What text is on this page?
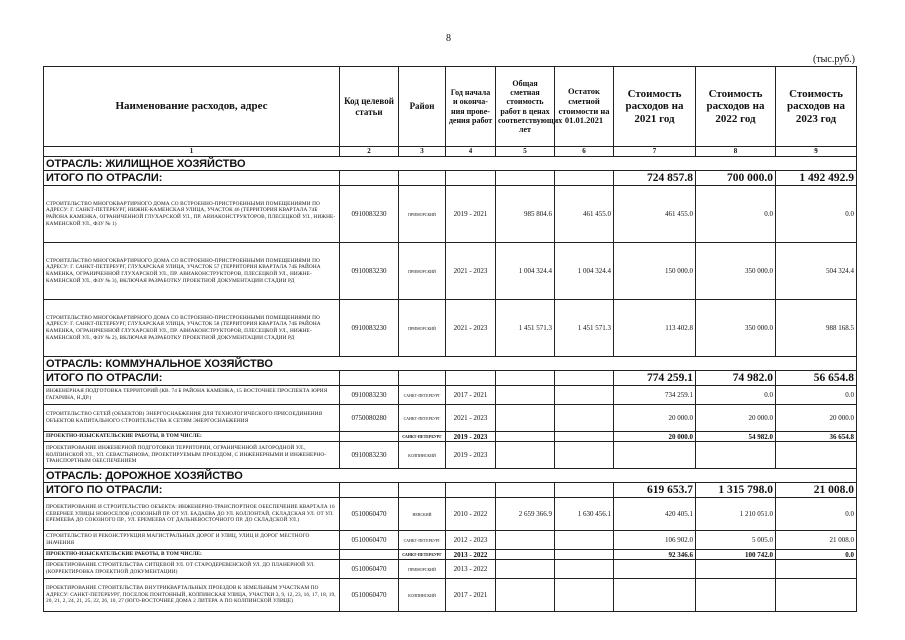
8
(тыс.руб.)
Наименование расходов, адрес	Код целевой статьи	Район	Год начала и оконча-ния прове-дения работ	Общая сметная стоимость работ в ценах соответствующих лет	Остаток сметной стоимости на 01.01.2021	Стоимость расходов на 2021 год	Стоимость расходов на 2022 год	Стоимость расходов на 2023 год
1	2	3	4	5	6	7	8	9
ОТРАСЛЬ: ЖИЛИЩНОЕ ХОЗЯЙСТВО								
ИТОГО ПО ОТРАСЛИ:						724 857.8	700 000.0	1 492 492.9
СТРОИТЕЛЬСТВО МНОГОКВАРТИРНОГО ДОМА СО ВСТРОЕННО-ПРИСТРОЕННЫМИ ПОМЕЩЕНИЯМИ ПО АДРЕСУ: Г. САНКТ-ПЕТЕРБУРГ, НИЖНЕ-КАМЕНСКАЯ УЛИЦА, УЧАСТОК 46 (ТЕРРИТОРИЯ КВАРТАЛА 74Б РАЙОНА КАМЕНКА, ОГРАНИЧЕННОЙ ГЛУХАРСКОЙ УЛ., ПР. АВИАКОНСТРУКТОРОВ, ПЛЕСЕЦКОЙ УЛ., НИЖНЕ-КАМЕНСКОЙ УЛ., ФЗУ № 1)	0910083230	ПРИМОРСКИЙ	2019 - 2021	985 804.6	461 455.0	461 455.0	0.0	0.0
СТРОИТЕЛЬСТВО МНОГОКВАРТИРНОГО ДОМА СО ВСТРОЕННО-ПРИСТРОЕННЫМИ ПОМЕЩЕНИЯМИ ПО АДРЕСУ: Г. САНКТ-ПЕТЕРБУРГ, ГЛУХАРСКАЯ УЛИЦА, УЧАСТОК 57 (ТЕРРИТОРИЯ КВАРТАЛА 74Б РАЙОНА КАМЕНКА, ОГРАНИЧЕННОЙ ГЛУХАРСКОЙ УЛ., ПР. АВИАКОНСТРУКТОРОВ, ПЛЕСЕЦКОЙ УЛ., НИЖНЕ-КАМЕНСКОЙ УЛ., ФЗУ № 3), ВКЛЮЧАЯ РАЗРАБОТКУ ПРОЕКТНОЙ ДОКУМЕНТАЦИИ СТАДИИ РД	0910083230	ПРИМОРСКИЙ	2021 - 2023	1 004 324.4	1 004 324.4	150 000.0	350 000.0	504 324.4
СТРОИТЕЛЬСТВО МНОГОКВАРТИРНОГО ДОМА СО ВСТРОЕННО-ПРИСТРОЕННЫМИ ПОМЕЩЕНИЯМИ ПО АДРЕСУ: Г. САНКТ-ПЕТЕРБУРГ, ГЛУХАРСКАЯ УЛИЦА, УЧАСТОК 58 (ТЕРРИТОРИЯ КВАРТАЛА 74Б РАЙОНА КАМЕНКА, ОГРАНИЧЕННОЙ ГЛУХАРСКОЙ УЛ., ПР. АВИАКОНСТРУКТОРОВ, ПЛЕСЕЦКОЙ УЛ., НИЖНЕ-КАМЕНСКОЙ УЛ., ФЗУ № 2), ВКЛЮЧАЯ РАЗРАБОТКУ ПРОЕКТНОЙ ДОКУМЕНТАЦИИ СТАДИИ РД	0910083230	ПРИМОРСКИЙ	2021 - 2023	1 451 571.3	1 451 571.3	113 402.8	350 000.0	988 168.5
ОТРАСЛЬ: КОММУНАЛЬНОЕ ХОЗЯЙСТВО								
ИТОГО ПО ОТРАСЛИ:						774 259.1	74 982.0	56 654.8
ИНЖЕНЕРНАЯ ПОДГОТОВКА ТЕРРИТОРИЙ (КВ. 74 Б РАЙОНА КАМЕНКА, 15 ВОСТОЧНЕЕ ПРОСПЕКТА ЮРИЯ ГАГАРИНА, Н.ДР.)	0910083230	САНКТ-ПЕТЕРБУРГ	2017 - 2021			734 259.1	0.0	0.0
СТРОИТЕЛЬСТВО СЕТЕЙ (ОБЪЕКТОВ) ЭНЕРГОСНАБЖЕНИЯ ДЛЯ ТЕХНОЛОГИЧЕСКОГО ПРИСОЕДИНЕНИЯ ОБЪЕКТОВ КАПИТАЛЬНОГО СТРОИТЕЛЬСТВА К СЕТЯМ ЭНЕРГОСНАБЖЕНИЯ	0750080280	САНКТ-ПЕТЕРБУРГ	2021 - 2023			20 000.0	20 000.0	20 000.0
ПРОЕКТНО-ИЗЫСКАТЕЛЬСКИЕ РАБОТЫ, В ТОМ ЧИСЛЕ:		САНКТ-ПЕТЕРБУРГ	2019 - 2023			20 000.0	54 982.0	36 654.8
ПРОЕКТИРОВАНИЕ ИНЖЕНЕРНОЙ ПОДГОТОВКИ ТЕРРИТОРИИ, ОГРАНИЧЕННОЙ ЗАГОРОДНОЙ УЛ., КОЛПИНСКОЙ УЛ., УЛ. СЕВАСТЬЯНОВА, ПРОЕКТИРУЕМЫМ ПРОЕЗДОМ, С ИНЖЕНЕРНЫМИ И ИНЖЕНЕРНО-ТРАНСПОРТНЫМ ОБЕСПЕЧЕНИЕМ	0910083230	КОЛПИНСКИЙ	2019 - 2023					
ОТРАСЛЬ: ДОРОЖНОЕ ХОЗЯЙСТВО								
ИТОГО ПО ОТРАСЛИ:						619 653.7	1 315 798.0	21 008.0
ПРОЕКТИРОВАНИЕ И СТРОИТЕЛЬСТВО ОБЪЕКТА: ИНЖЕНЕРНО-ТРАНСПОРТНОЕ ОБЕСПЕЧЕНИЕ КВАРТАЛА 16 СЕВЕРНЕЕ УЛИЦЫ НОВОСЕЛОВ (СОЮЗНЫЙ ПР. ОТ УЛ. БАДАЕВА ДО УЛ. КОЛЛОНТАЙ, СКЛАДСКАЯ УЛ. ОТ УЛ. ЕРЕМЕЕВА ДО СОЮЗНОГО ПР., УЛ. ЕРЕМЕЕВА ОТ ДАЛЬНЕВОСТОЧНОГО ПР. ДО СКЛАДСКОЙ УЛ.)	0510060470	НЕВСКИЙ	2010 - 2022	2 659 366.9	1 630 456.1	420 405.1	1 210 051.0	0.0
СТРОИТЕЛЬСТВО И РЕКОНСТРУКЦИЯ МАГИСТРАЛЬНЫХ ДОРОГ И УЛИЦ, УЛИЦ И ДОРОГ МЕСТНОГО ЗНАЧЕНИЯ	0510060470	САНКТ-ПЕТЕРБУРГ	2012 - 2023			106 902.0	5 005.0	21 008.0
ПРОЕКТНО-ИЗЫСКАТЕЛЬСКИЕ РАБОТЫ, В ТОМ ЧИСЛЕ:		САНКТ-ПЕТЕРБУРГ	2013 - 2022			92 346.6	100 742.0	0.0
ПРОЕКТИРОВАНИЕ СТРОИТЕЛЬСТВА СИТЦЕВОЙ УЛ. ОТ СТАРОДЕРЕВЕНСКОЙ УЛ. ДО ПЛАНЕРНОЙ УЛ. (КОРРЕКТИРОВКА ПРОЕКТНОЙ ДОКУМЕНТАЦИИ)	0510060470	ПРИМОРСКИЙ	2013 - 2022					
ПРОЕКТИРОВАНИЕ СТРОИТЕЛЬСТВА ВНУТРИКВАРТАЛЬНЫХ ПРОЕЗДОВ К ЗЕМЕЛЬНЫМ УЧАСТКАМ ПО АДРЕСУ: САНКТ-ПЕТЕРБУРГ, ПОСЕЛОК ПОНТОННЫЙ, КОЛПИНСКАЯ УЛИЦА, УЧАСТКИ 3, 9, 12, 23, 16, 17, 18, 19, 20, 21, 2, 24, 21, 25, 22, 26, 10, 27 (ЮГО-ВОСТОЧНЕЕ ДОМА 2 ЛИТЕРА А ПО КОЛПИНСКОЙ УЛИЦЕ)	0510060470	КОЛПИНСКИЙ	2017 - 2021					
